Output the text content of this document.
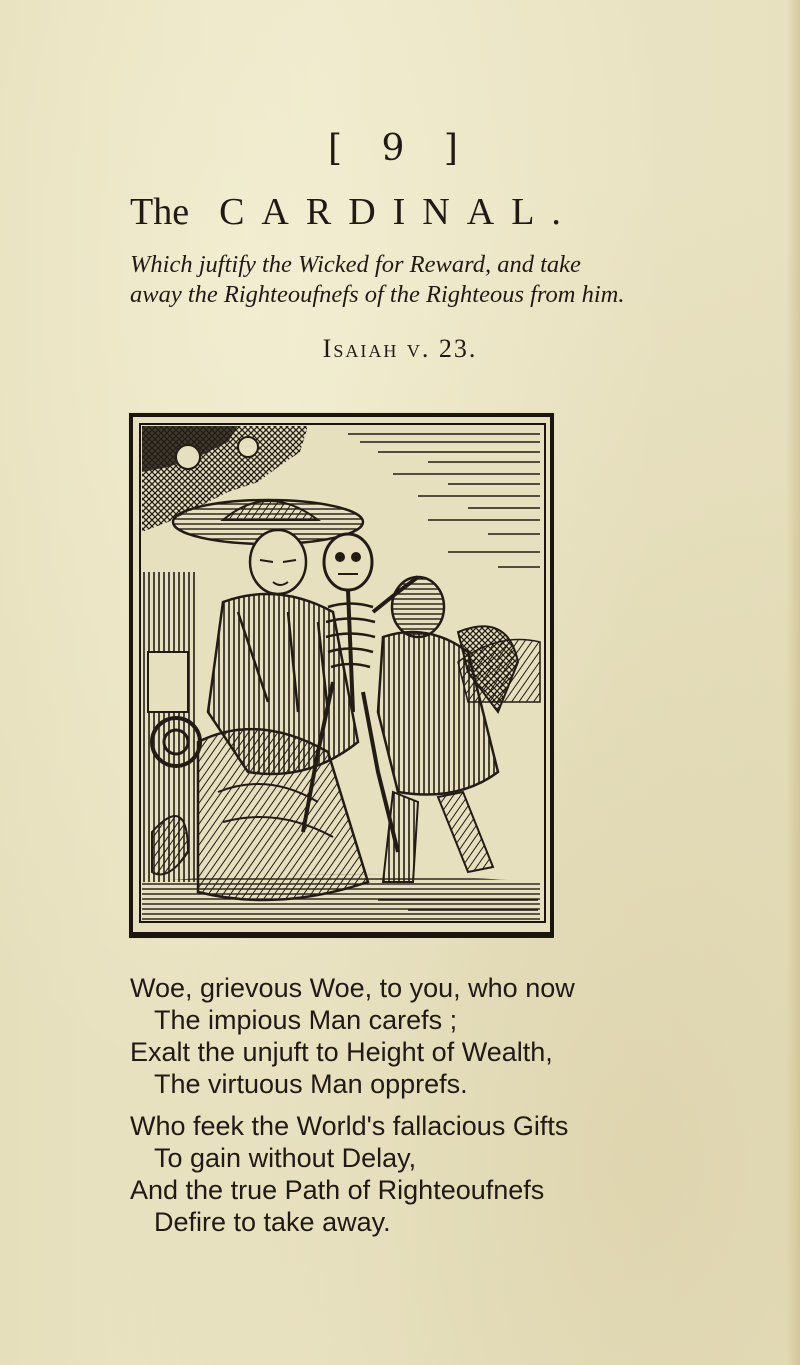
[ 9 ]
The CARDINAL.
Which juftify the Wicked for Reward, and take
away the Righteoufnefs of the Righteous from him.
Isaiah v. 23.
Woe, grievous Woe, to you, who now
The impious Man carefs ;
Exalt the unjuft to Height of Wealth,
The virtuous Man opprefs.
Who feek the World's fallacious Gifts
To gain without Delay,
And the true Path of Righteoufnefs
Defire to take away.
